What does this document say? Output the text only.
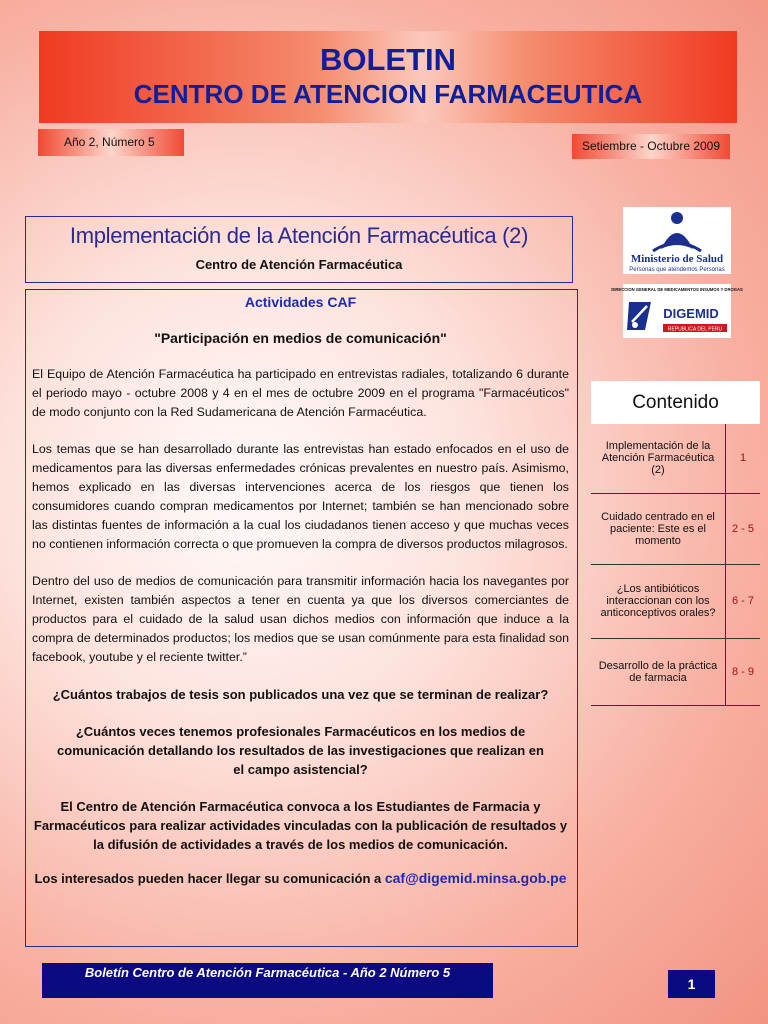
BOLETIN
CENTRO DE ATENCION FARMACEUTICA
Año 2, Número 5	Setiembre - Octubre 2009
Implementación de la Atención Farmacéutica (2)
Centro de Atención Farmacéutica
Actividades CAF
"Participación en medios de comunicación"

El Equipo de Atención Farmacéutica ha participado en entrevistas radiales, totalizando 6 durante el periodo mayo - octubre 2008 y 4 en el mes de octubre 2009 en el programa "Farmacéuticos" de modo conjunto con la Red Sudamericana de Atención Farmacéutica.

Los temas que se han desarrollado durante las entrevistas han estado enfocados en el uso de medicamentos para las diversas enfermedades crónicas prevalentes en nuestro país. Asimismo, hemos explicado en las diversas intervenciones acerca de los riesgos que tienen los consumidores cuando compran medicamentos por Internet; también se han mencionado sobre las distintas fuentes de información a la cual los ciudadanos tienen acceso y que muchas veces no contienen información correcta o que promueven la compra de diversos productos milagrosos.

Dentro del uso de medios de comunicación para transmitir información hacia los navegantes por Internet, existen también aspectos a tener en cuenta ya que los diversos comerciantes de productos para el cuidado de la salud usan dichos medios con información que induce a la compra de determinados productos; los medios que se usan comúnmente para esta finalidad son facebook, youtube y el reciente twitter.”

¿Cuántos trabajos de tesis son publicados una vez que se terminan de realizar?

¿Cuántos veces tenemos profesionales Farmacéuticos en los medios de comunicación detallando los resultados de las investigaciones que realizan en el campo asistencial?

El Centro de Atención Farmacéutica convoca a los Estudiantes de Farmacia y Farmacéuticos para realizar actividades vinculadas con la publicación de resultados y la difusión de actividades a través de los medios de comunicación.

Los interesados pueden hacer llegar su comunicación a caf@digemid.minsa.gob.pe
Ministerio de Salud
Personas que atendemos Personas
DIRECCION GENERAL DE MEDICAMENTOS INSUMOS Y DROGAS
DIGEMID
REPUBLICA DEL PERU
Contenido
Implementación de la Atención Farmacéutica (2)	1
Cuidado centrado en el paciente: Este es el momento	2 - 5
¿Los antibióticos interaccionan con los anticonceptivos orales?	6 - 7
Desarrollo de la práctica de farmacia	8 - 9
Boletín Centro de Atención Farmacéutica - Año 2 Número 5
1
